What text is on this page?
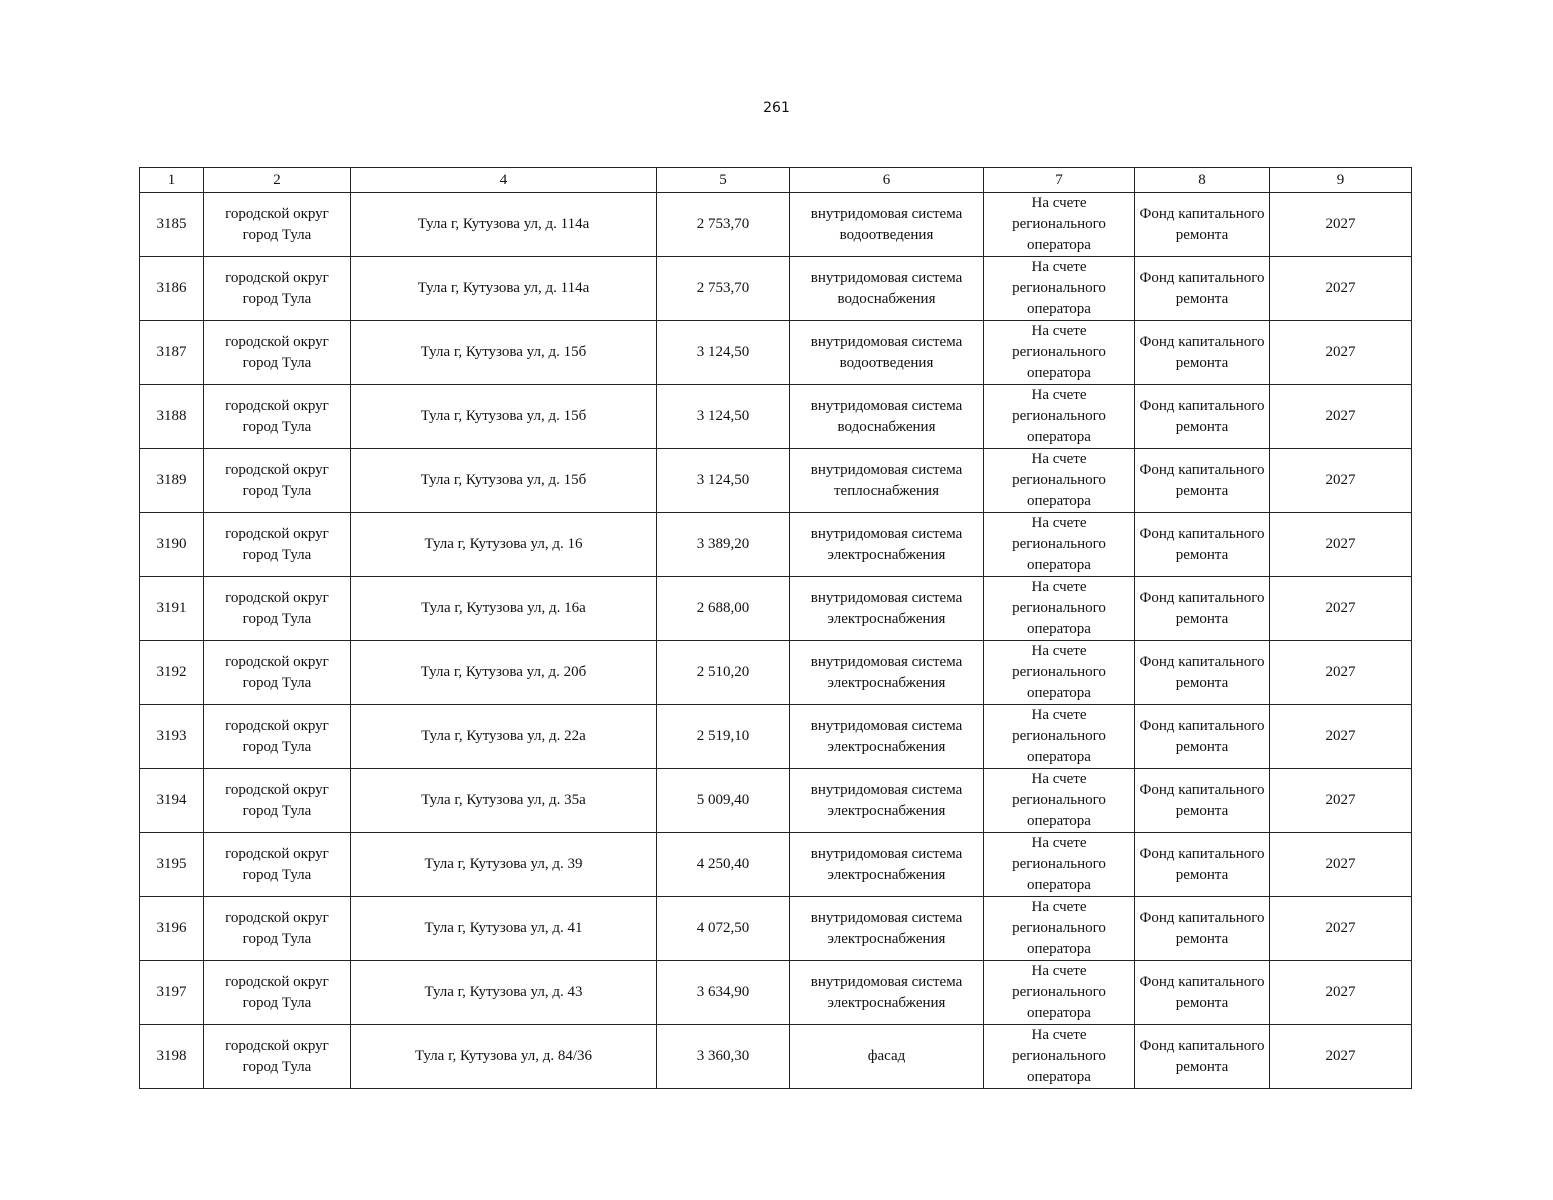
261
1	2	4	5	6	7	8	9
3185	городской округ город Тула	Тула г, Кутузова ул, д. 114а	2 753,70	внутридомовая система водоотведения	На счете регионального оператора	Фонд капитального ремонта	2027
3186	городской округ город Тула	Тула г, Кутузова ул, д. 114а	2 753,70	внутридомовая система водоснабжения	На счете регионального оператора	Фонд капитального ремонта	2027
3187	городской округ город Тула	Тула г, Кутузова ул, д. 15б	3 124,50	внутридомовая система водоотведения	На счете регионального оператора	Фонд капитального ремонта	2027
3188	городской округ город Тула	Тула г, Кутузова ул, д. 15б	3 124,50	внутридомовая система водоснабжения	На счете регионального оператора	Фонд капитального ремонта	2027
3189	городской округ город Тула	Тула г, Кутузова ул, д. 15б	3 124,50	внутридомовая система теплоснабжения	На счете регионального оператора	Фонд капитального ремонта	2027
3190	городской округ город Тула	Тула г, Кутузова ул, д. 16	3 389,20	внутридомовая система электроснабжения	На счете регионального оператора	Фонд капитального ремонта	2027
3191	городской округ город Тула	Тула г, Кутузова ул, д. 16а	2 688,00	внутридомовая система электроснабжения	На счете регионального оператора	Фонд капитального ремонта	2027
3192	городской округ город Тула	Тула г, Кутузова ул, д. 20б	2 510,20	внутридомовая система электроснабжения	На счете регионального оператора	Фонд капитального ремонта	2027
3193	городской округ город Тула	Тула г, Кутузова ул, д. 22а	2 519,10	внутридомовая система электроснабжения	На счете регионального оператора	Фонд капитального ремонта	2027
3194	городской округ город Тула	Тула г, Кутузова ул, д. 35а	5 009,40	внутридомовая система электроснабжения	На счете регионального оператора	Фонд капитального ремонта	2027
3195	городской округ город Тула	Тула г, Кутузова ул, д. 39	4 250,40	внутридомовая система электроснабжения	На счете регионального оператора	Фонд капитального ремонта	2027
3196	городской округ город Тула	Тула г, Кутузова ул, д. 41	4 072,50	внутридомовая система электроснабжения	На счете регионального оператора	Фонд капитального ремонта	2027
3197	городской округ город Тула	Тула г, Кутузова ул, д. 43	3 634,90	внутридомовая система электроснабжения	На счете регионального оператора	Фонд капитального ремонта	2027
3198	городской округ город Тула	Тула г, Кутузова ул, д. 84/36	3 360,30	фасад	На счете регионального оператора	Фонд капитального ремонта	2027
